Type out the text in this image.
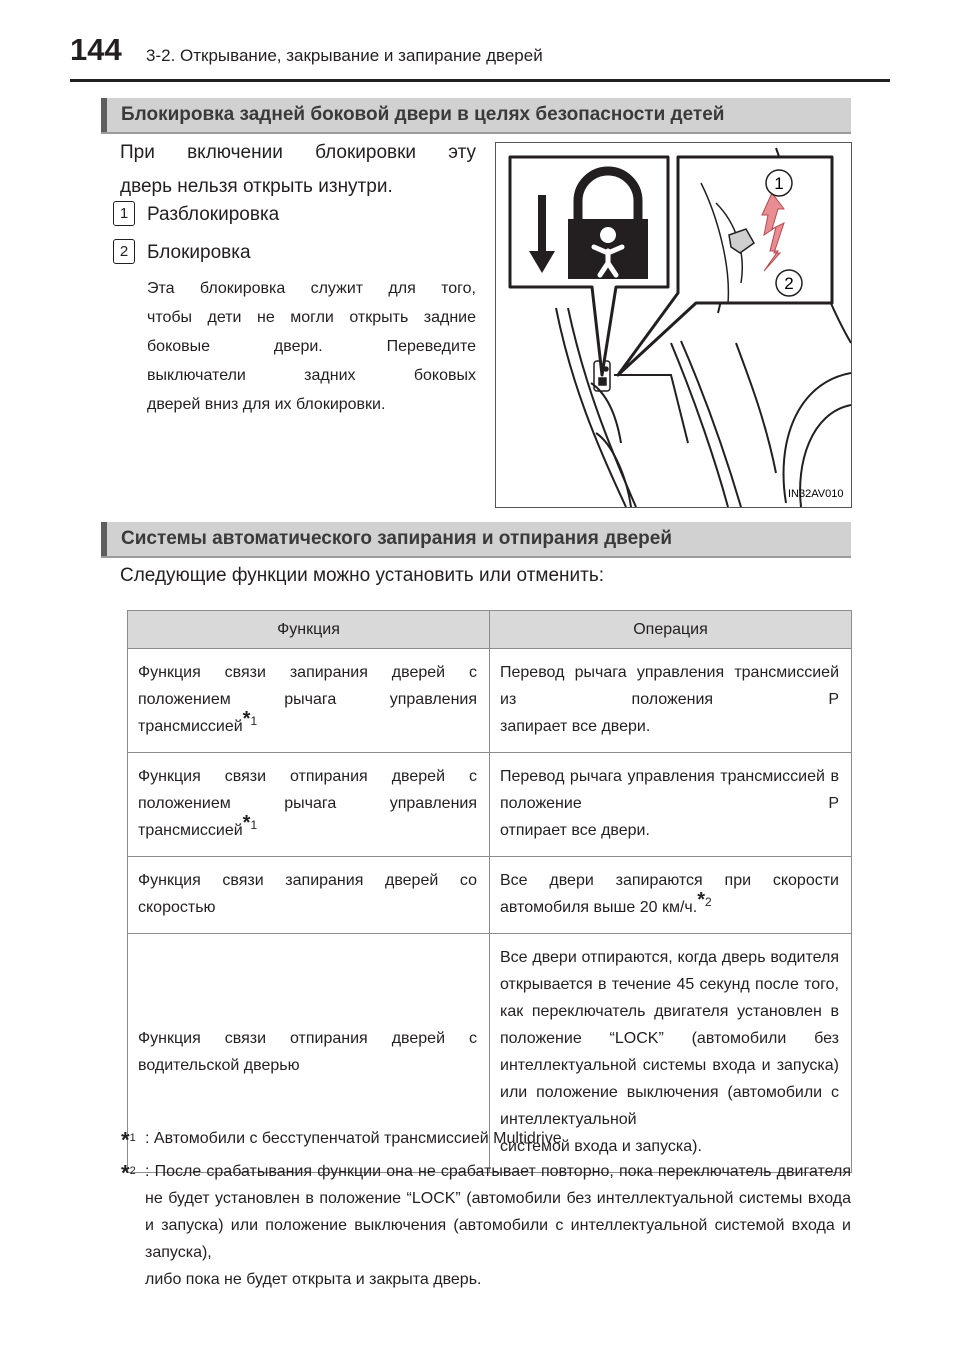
144 3-2. Открывание, закрывание и запирание дверей
Блокировка задней боковой двери в целях безопасности детей
При включении блокировки эту
дверь нельзя открыть изнутри.
1 Разблокировка
2 Блокировка
Эта блокировка служит для того,
чтобы дети не могли открыть задние
боковые двери. Переведите
выключатели задних боковых
дверей вниз для их блокировки.
1
2
IN32AV010
Системы автоматического запирания и отпирания дверей
Следующие функции можно установить или отменить:
Функция	Операция
Функция связи запирания дверей с положением рычага управления
трансмиссией$^{*1}$	Перевод рычага управления трансмиссией из положения P
запирает все двери.

Функция связи отпирания дверей с положением рычага управления
трансмиссией$^{*1}$	Перевод рычага управления трансмиссией в положение P
отпирает все двери.

Функция связи запирания дверей со
скоростью	Все двери запираются при скорости
автомобиля выше 20 км/ч.$^{*2}$

Функция связи отпирания дверей с
водительской дверью	Все двери отпираются, когда дверь водителя открывается в течение 45 секунд после того, как переключатель двигателя установлен в положение “LOCK” (автомобили без интеллектуальной системы входа и запуска) или положение выключения (автомобили с интеллектуальной
системой входа и запуска).
*$^1$ : Автомобили с бесступенчатой трансмиссией Multidrive
*$^2$ : После срабатывания функции она не срабатывает повторно, пока переключатель двигателя не будет установлен в положение “LOCK” (автомобили без интеллектуальной системы входа и запуска) или положение выключения (автомобили с интеллектуальной системой входа и запуска),
либо пока не будет открыта и закрыта дверь.
